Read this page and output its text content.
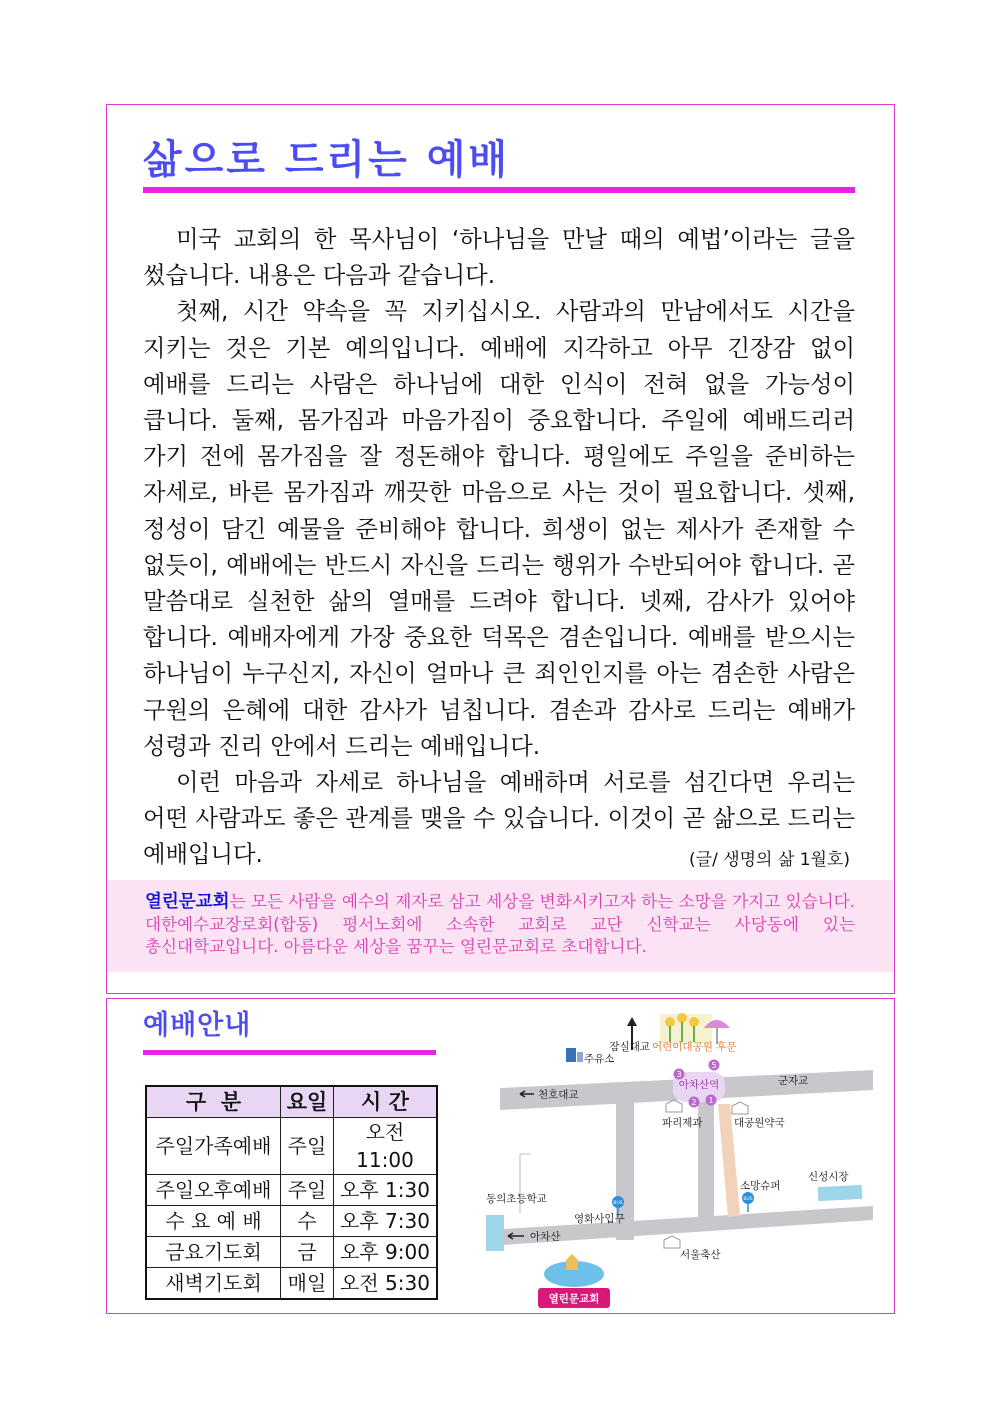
삶으로 드리는 예배

미국 교회의 한 목사님이 ‘하나님을 만날 때의 예법’이라는 글을 썼습니다. 내용은 다음과 같습니다.

첫째, 시간 약속을 꼭 지키십시오. 사람과의 만남에서도 시간을 지키는 것은 기본 예의입니다. 예배에 지각하고 아무 긴장감 없이 예배를 드리는 사람은 하나님에 대한 인식이 전혀 없을 가능성이 큽니다. 둘째, 몸가짐과 마음가짐이 중요합니다. 주일에 예배드리러 가기 전에 몸가짐을 잘 정돈해야 합니다. 평일에도 주일을 준비하는 자세로, 바른 몸가짐과 깨끗한 마음으로 사는 것이 필요합니다. 셋째, 정성이 담긴 예물을 준비해야 합니다. 희생이 없는 제사가 존재할 수 없듯이, 예배에는 반드시 자신을 드리는 행위가 수반되어야 합니다. 곧 말씀대로 실천한 삶의 열매를 드려야 합니다. 넷째, 감사가 있어야 합니다. 예배자에게 가장 중요한 덕목은 겸손입니다. 예배를 받으시는 하나님이 누구신지, 자신이 얼마나 큰 죄인인지를 아는 겸손한 사람은 구원의 은혜에 대한 감사가 넘칩니다. 겸손과 감사로 드리는 예배가 성령과 진리 안에서 드리는 예배입니다.

이런 마음과 자세로 하나님을 예배하며 서로를 섬긴다면 우리는 어떤 사람과도 좋은 관계를 맺을 수 있습니다. 이것이 곧 삶으로 드리는 예배입니다.	(글/ 생명의 삶 1월호)

열린문교회는 모든 사람을 예수의 제자로 삼고 세상을 변화시키고자 하는 소망을 가지고 있습니다. 대한예수교장로회(합동) 평서노회에 소속한 교회로 교단 신학교는 사당동에 있는 총신대학교입니다. 아름다운 세상을 꿈꾸는 열린문교회로 초대합니다.

예배안내
구  분	요일	시 간
주일가족예배	주일	오전11:00
주일오후예배	주일	오후 1:30
수 요 예 배	수	오후 7:30
금요기도회	금	오후 9:00
새벽기도회	매일	오전 5:30
3
5
2 1
BUS
BUS
잠실대교 어린이대공원 후문
주유소
천호대교
아차산역	군자교
파리제과	대공원약국
신성시장
소망슈퍼
동의초등학교
영화사입구
아차산
서울축산
열린문교회
